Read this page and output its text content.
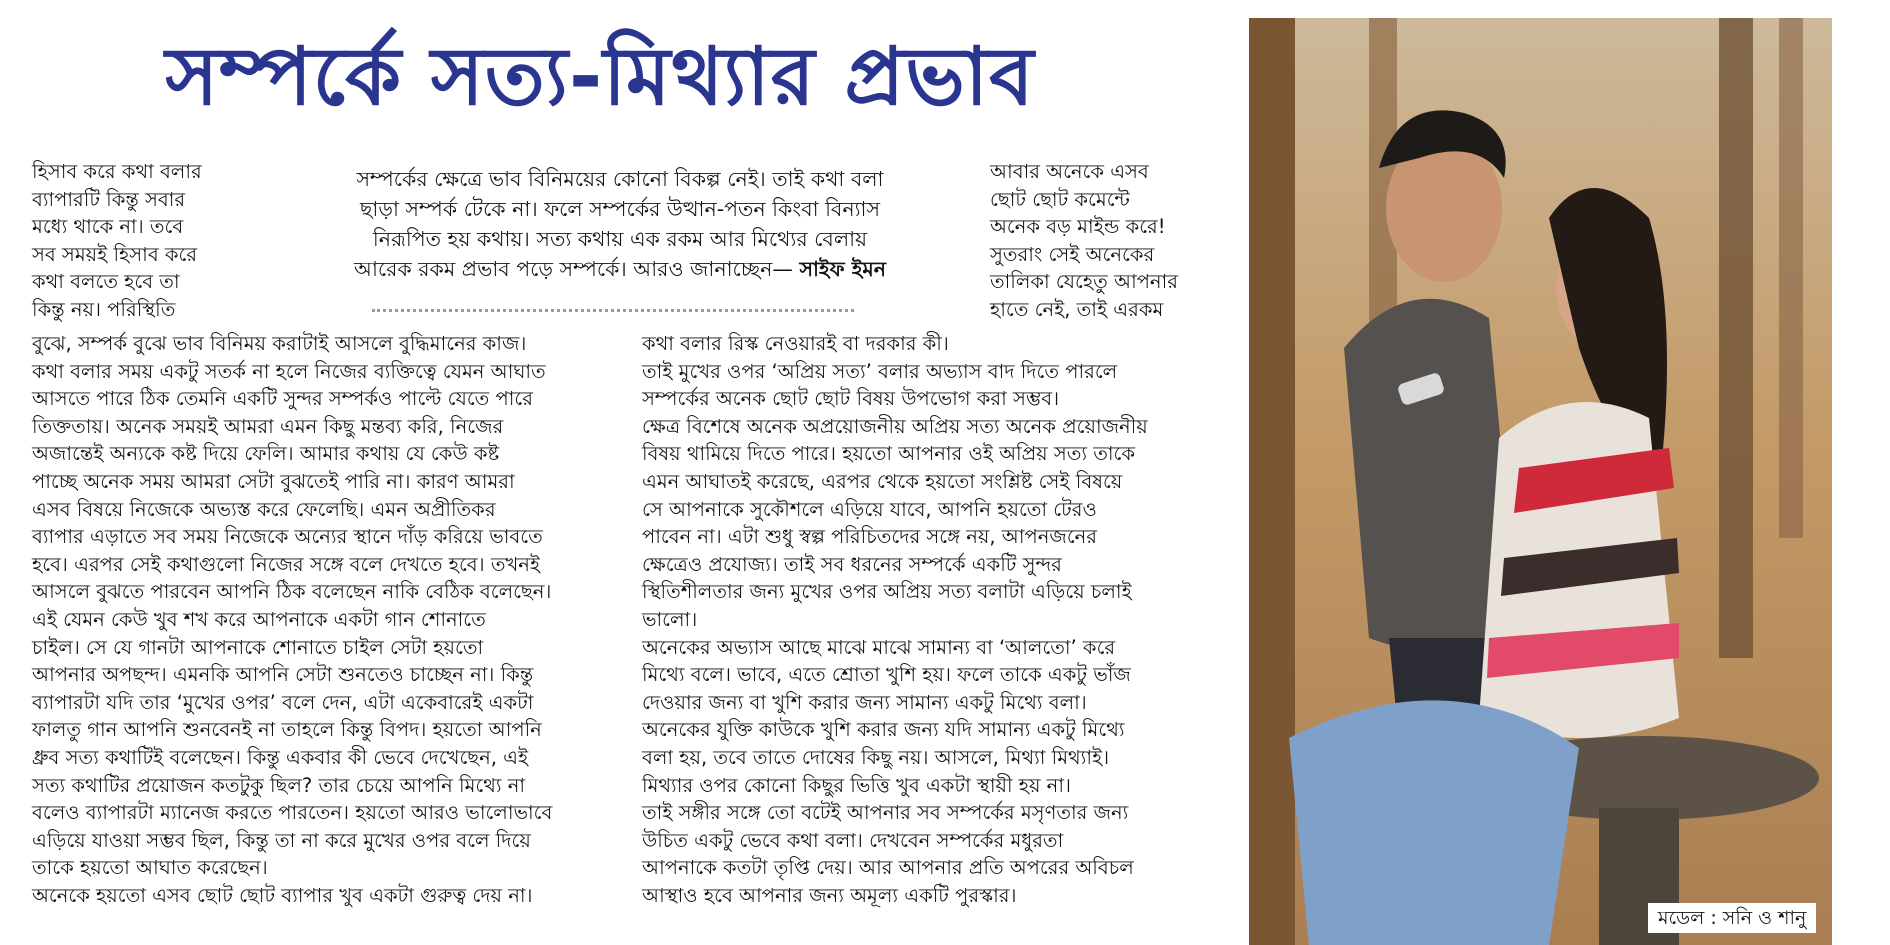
সম্পর্কে সত্য-মিথ্যার প্রভাব

হিসাব করে কথা বলার

ব্যাপারটি কিন্তু সবার

মধ্যে থাকে না। তবে

সব সময়ই হিসাব করে

কথা বলতে হবে তা

কিন্তু নয়। পরিস্থিতি

সম্পর্কের ক্ষেত্রে ভাব বিনিময়ের কোনো বিকল্প নেই। তাই কথা বলা

ছাড়া সম্পর্ক টেকে না। ফলে সম্পর্কের উত্থান-পতন কিংবা বিন্যাস

নিরূপিত হয় কথায়। সত্য কথায় এক রকম আর মিথ্যের বেলায়

আরেক রকম প্রভাব পড়ে সম্পর্কে। আরও জানাচ্ছেন— সাইফ ইমন

আবার অনেকে এসব

ছোট ছোট কমেন্টে

অনেক বড় মাইন্ড করে!

সুতরাং সেই অনেকের

তালিকা যেহেতু আপনার

হাতে নেই, তাই এরকম

বুঝে, সম্পর্ক বুঝে ভাব বিনিময় করাটাই আসলে বুদ্ধিমানের কাজ।

কথা বলার সময় একটু সতর্ক না হলে নিজের ব্যক্তিত্বে যেমন আঘাত

আসতে পারে ঠিক তেমনি একটি সুন্দর সম্পর্কও পাল্টে যেতে পারে

তিক্ততায়। অনেক সময়ই আমরা এমন কিছু মন্তব্য করি, নিজের

অজান্তেই অন্যকে কষ্ট দিয়ে ফেলি। আমার কথায় যে কেউ কষ্ট

পাচ্ছে অনেক সময় আমরা সেটা বুঝতেই পারি না। কারণ আমরা

এসব বিষয়ে নিজেকে অভ্যস্ত করে ফেলেছি। এমন অপ্রীতিকর

ব্যাপার এড়াতে সব সময় নিজেকে অন্যের স্থানে দাঁড় করিয়ে ভাবতে

হবে। এরপর সেই কথাগুলো নিজের সঙ্গে বলে দেখতে হবে। তখনই

আসলে বুঝতে পারবেন আপনি ঠিক বলেছেন নাকি বেঠিক বলেছেন।

এই যেমন কেউ খুব শখ করে আপনাকে একটা গান শোনাতে

চাইল। সে যে গানটা আপনাকে শোনাতে চাইল সেটা হয়তো

আপনার অপছন্দ। এমনকি আপনি সেটা শুনতেও চাচ্ছেন না। কিন্তু

ব্যাপারটা যদি তার ‘মুখের ওপর’ বলে দেন, এটা একেবারেই একটা

ফালতু গান আপনি শুনবেনই না তাহলে কিন্তু বিপদ। হয়তো আপনি

ধ্রুব সত্য কথাটিই বলেছেন। কিন্তু একবার কী ভেবে দেখেছেন, এই

সত্য কথাটির প্রয়োজন কতটুকু ছিল? তার চেয়ে আপনি মিথ্যে না

বলেও ব্যাপারটা ম্যানেজ করতে পারতেন। হয়তো আরও ভালোভাবে

এড়িয়ে যাওয়া সম্ভব ছিল, কিন্তু তা না করে মুখের ওপর বলে দিয়ে

তাকে হয়তো আঘাত করেছেন।

অনেকে হয়তো এসব ছোট ছোট ব্যাপার খুব একটা গুরুত্ব দেয় না।

কথা বলার রিস্ক নেওয়ারই বা দরকার কী।

তাই মুখের ওপর ‘অপ্রিয় সত্য’ বলার অভ্যাস বাদ দিতে পারলে

সম্পর্কের অনেক ছোট ছোট বিষয় উপভোগ করা সম্ভব।

ক্ষেত্র বিশেষে অনেক অপ্রয়োজনীয় অপ্রিয় সত্য অনেক প্রয়োজনীয়

বিষয় থামিয়ে দিতে পারে। হয়তো আপনার ওই অপ্রিয় সত্য তাকে

এমন আঘাতই করেছে, এরপর থেকে হয়তো সংশ্লিষ্ট সেই বিষয়ে

সে আপনাকে সুকৌশলে এড়িয়ে যাবে, আপনি হয়তো টেরও

পাবেন না। এটা শুধু স্বল্প পরিচিতদের সঙ্গে নয়, আপনজনের

ক্ষেত্রেও প্রযোজ্য। তাই সব ধরনের সম্পর্কে একটি সুন্দর

স্থিতিশীলতার জন্য মুখের ওপর অপ্রিয় সত্য বলাটা এড়িয়ে চলাই

ভালো।

অনেকের অভ্যাস আছে মাঝে মাঝে সামান্য বা ‘আলতো’ করে

মিথ্যে বলে। ভাবে, এতে শ্রোতা খুশি হয়। ফলে তাকে একটু ভাঁজ

দেওয়ার জন্য বা খুশি করার জন্য সামান্য একটু মিথ্যে বলা।

অনেকের যুক্তি কাউকে খুশি করার জন্য যদি সামান্য একটু মিথ্যে

বলা হয়, তবে তাতে দোষের কিছু নয়। আসলে, মিথ্যা মিথ্যাই।

মিথ্যার ওপর কোনো কিছুর ভিত্তি খুব একটা স্থায়ী হয় না।

তাই সঙ্গীর সঙ্গে তো বটেই আপনার সব সম্পর্কের মসৃণতার জন্য

উচিত একটু ভেবে কথা বলা। দেখবেন সম্পর্কের মধুরতা

আপনাকে কতটা তৃপ্তি দেয়। আর আপনার প্রতি অপরের অবিচল

আস্থাও হবে আপনার জন্য অমূল্য একটি পুরস্কার।

মডেল : সনি ও শানু
